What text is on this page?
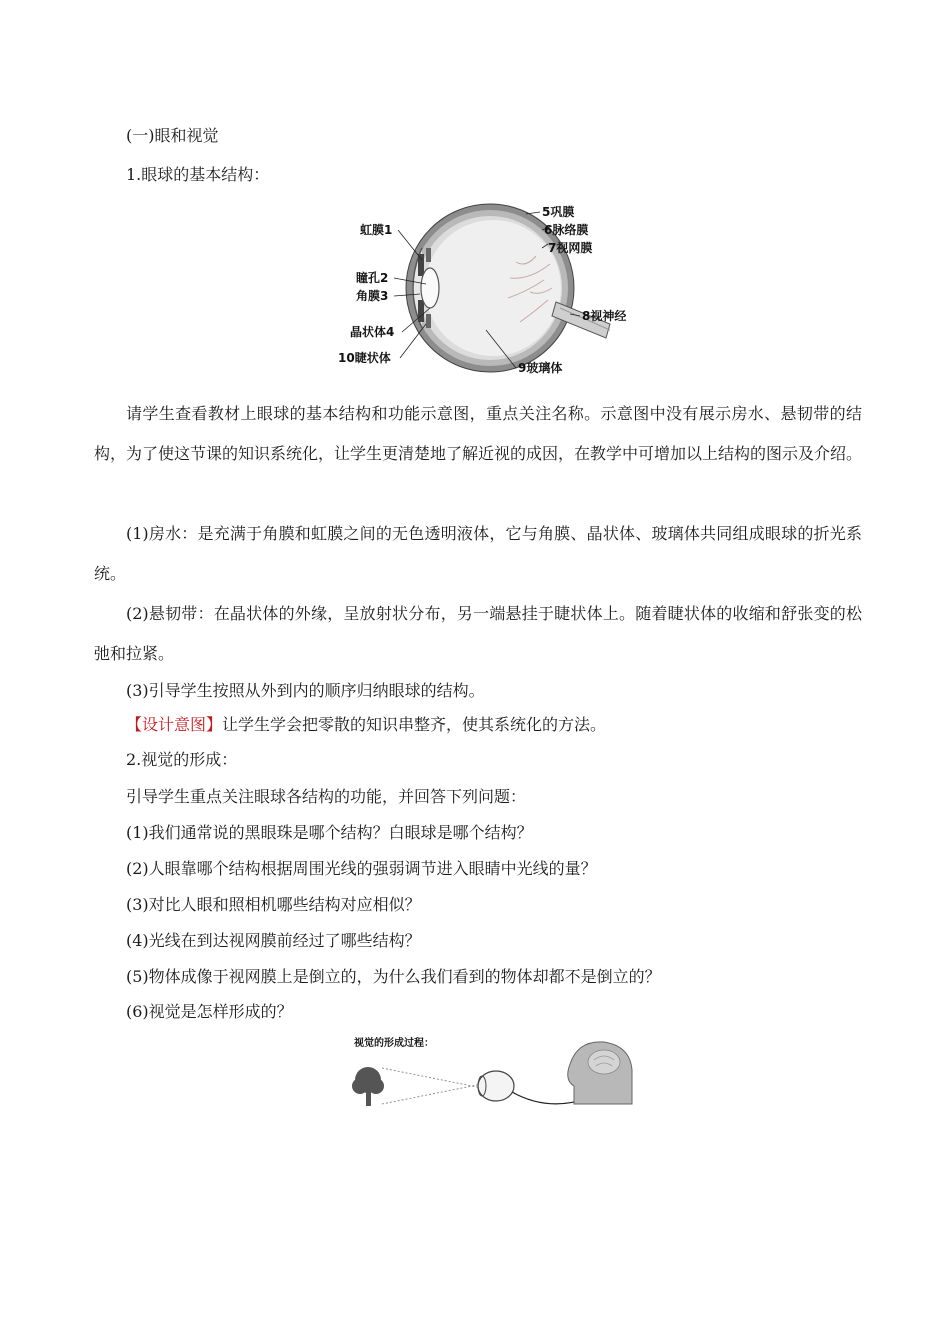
(一)眼和视觉
1.眼球的基本结构：
虹膜1
瞳孔2
角膜3
晶状体4
10睫状体
5巩膜
6脉络膜
7视网膜
8视神经
9玻璃体
请学生查看教材上眼球的基本结构和功能示意图，重点关注名称。示意图中没有展示房水、悬韧带的结构，为了使这节课的知识系统化，让学生更清楚地了解近视的成因，在教学中可增加以上结构的图示及介绍。
(1)房水：是充满于角膜和虹膜之间的无色透明液体，它与角膜、晶状体、玻璃体共同组成眼球的折光系统。
(2)悬韧带：在晶状体的外缘，呈放射状分布，另一端悬挂于睫状体上。随着睫状体的收缩和舒张变的松弛和拉紧。
(3)引导学生按照从外到内的顺序归纳眼球的结构。
【设计意图】让学生学会把零散的知识串整齐，使其系统化的方法。
2.视觉的形成：
引导学生重点关注眼球各结构的功能，并回答下列问题：
(1)我们通常说的黑眼珠是哪个结构？白眼球是哪个结构？
(2)人眼靠哪个结构根据周围光线的强弱调节进入眼睛中光线的量？
(3)对比人眼和照相机哪些结构对应相似？
(4)光线在到达视网膜前经过了哪些结构？
(5)物体成像于视网膜上是倒立的，为什么我们看到的物体却都不是倒立的？
(6)视觉是怎样形成的？
视觉的形成过程：
